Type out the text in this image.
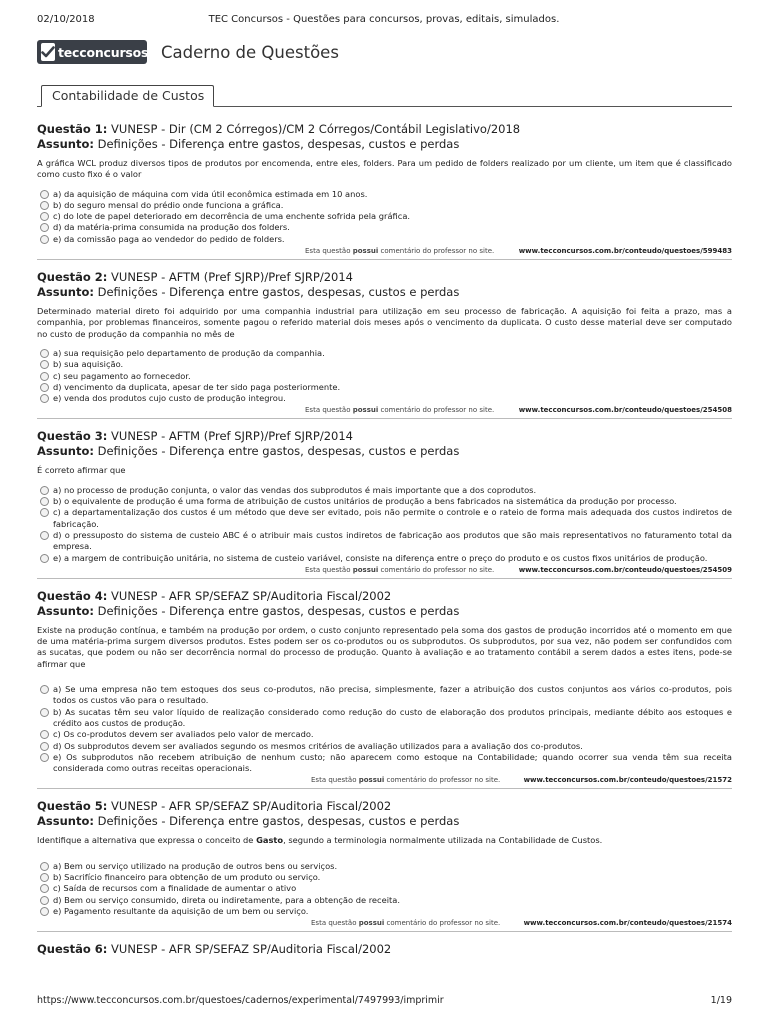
02/10/2018	TEC Concursos - Questões para concursos, provas, editais, simulados.
tecconcursos Caderno de Questões
Contabilidade de Custos
Questão 1: VUNESP - Dir (CM 2 Córregos)/CM 2 Córregos/Contábil Legislativo/2018
Assunto: Definições - Diferença entre gastos, despesas, custos e perdas
A gráfica WCL produz diversos tipos de produtos por encomenda, entre eles, folders. Para um pedido de folders realizado por um cliente, um item que é classificado como custo fixo é o valor
a) da aquisição de máquina com vida útil econômica estimada em 10 anos.
b) do seguro mensal do prédio onde funciona a gráfica.
c) do lote de papel deteriorado em decorrência de uma enchente sofrida pela gráfica.
d) da matéria-prima consumida na produção dos folders.
e) da comissão paga ao vendedor do pedido de folders.
Esta questão possui comentário do professor no site.	www.tecconcursos.com.br/conteudo/questoes/599483
Questão 2: VUNESP - AFTM (Pref SJRP)/Pref SJRP/2014
Assunto: Definições - Diferença entre gastos, despesas, custos e perdas
Determinado material direto foi adquirido por uma companhia industrial para utilização em seu processo de fabricação. A aquisição foi feita a prazo, mas a companhia, por problemas financeiros, somente pagou o referido material dois meses após o vencimento da duplicata. O custo desse material deve ser computado no custo de produção da companhia no mês de
a) sua requisição pelo departamento de produção da companhia.
b) sua aquisição.
c) seu pagamento ao fornecedor.
d) vencimento da duplicata, apesar de ter sido paga posteriormente.
e) venda dos produtos cujo custo de produção integrou.
Esta questão possui comentário do professor no site.	www.tecconcursos.com.br/conteudo/questoes/254508
Questão 3: VUNESP - AFTM (Pref SJRP)/Pref SJRP/2014
Assunto: Definições - Diferença entre gastos, despesas, custos e perdas
É correto afirmar que
a) no processo de produção conjunta, o valor das vendas dos subprodutos é mais importante que a dos coprodutos.
b) o equivalente de produção é uma forma de atribuição de custos unitários de produção a bens fabricados na sistemática da produção por processo.
c) a departamentalização dos custos é um método que deve ser evitado, pois não permite o controle e o rateio de forma mais adequada dos custos indiretos de fabricação.
d) o pressuposto do sistema de custeio ABC é o atribuir mais custos indiretos de fabricação aos produtos que são mais representativos no faturamento total da empresa.
e) a margem de contribuição unitária, no sistema de custeio variável, consiste na diferença entre o preço do produto e os custos fixos unitários de produção.
Esta questão possui comentário do professor no site.	www.tecconcursos.com.br/conteudo/questoes/254509
Questão 4: VUNESP - AFR SP/SEFAZ SP/Auditoria Fiscal/2002
Assunto: Definições - Diferença entre gastos, despesas, custos e perdas
Existe na produção contínua, e também na produção por ordem, o custo conjunto representado pela soma dos gastos de produção incorridos até o momento em que de uma matéria-prima surgem diversos produtos. Estes podem ser os co-produtos ou os subprodutos. Os subprodutos, por sua vez, não podem ser confundidos com as sucatas, que podem ou não ser decorrência normal do processo de produção. Quanto à avaliação e ao tratamento contábil a serem dados a estes itens, pode-se afirmar que
a) Se uma empresa não tem estoques dos seus co-produtos, não precisa, simplesmente, fazer a atribuição dos custos conjuntos aos vários co-produtos, pois todos os custos vão para o resultado.
b) As sucatas têm seu valor líquido de realização considerado como redução do custo de elaboração dos produtos principais, mediante débito aos estoques e crédito aos custos de produção.
c) Os co-produtos devem ser avaliados pelo valor de mercado.
d) Os subprodutos devem ser avaliados segundo os mesmos critérios de avaliação utilizados para a avaliação dos co-produtos.
e) Os subprodutos não recebem atribuição de nenhum custo; não aparecem como estoque na Contabilidade; quando ocorrer sua venda têm sua receita considerada como outras receitas operacionais.
Esta questão possui comentário do professor no site.	www.tecconcursos.com.br/conteudo/questoes/21572
Questão 5: VUNESP - AFR SP/SEFAZ SP/Auditoria Fiscal/2002
Assunto: Definições - Diferença entre gastos, despesas, custos e perdas
Identifique a alternativa que expressa o conceito de Gasto, segundo a terminologia normalmente utilizada na Contabilidade de Custos.
a) Bem ou serviço utilizado na produção de outros bens ou serviços.
b) Sacrifício financeiro para obtenção de um produto ou serviço.
c) Saída de recursos com a finalidade de aumentar o ativo
d) Bem ou serviço consumido, direta ou indiretamente, para a obtenção de receita.
e) Pagamento resultante da aquisição de um bem ou serviço.
Esta questão possui comentário do professor no site.	www.tecconcursos.com.br/conteudo/questoes/21574
Questão 6: VUNESP - AFR SP/SEFAZ SP/Auditoria Fiscal/2002
https://www.tecconcursos.com.br/questoes/cadernos/experimental/7497993/imprimir	1/19
